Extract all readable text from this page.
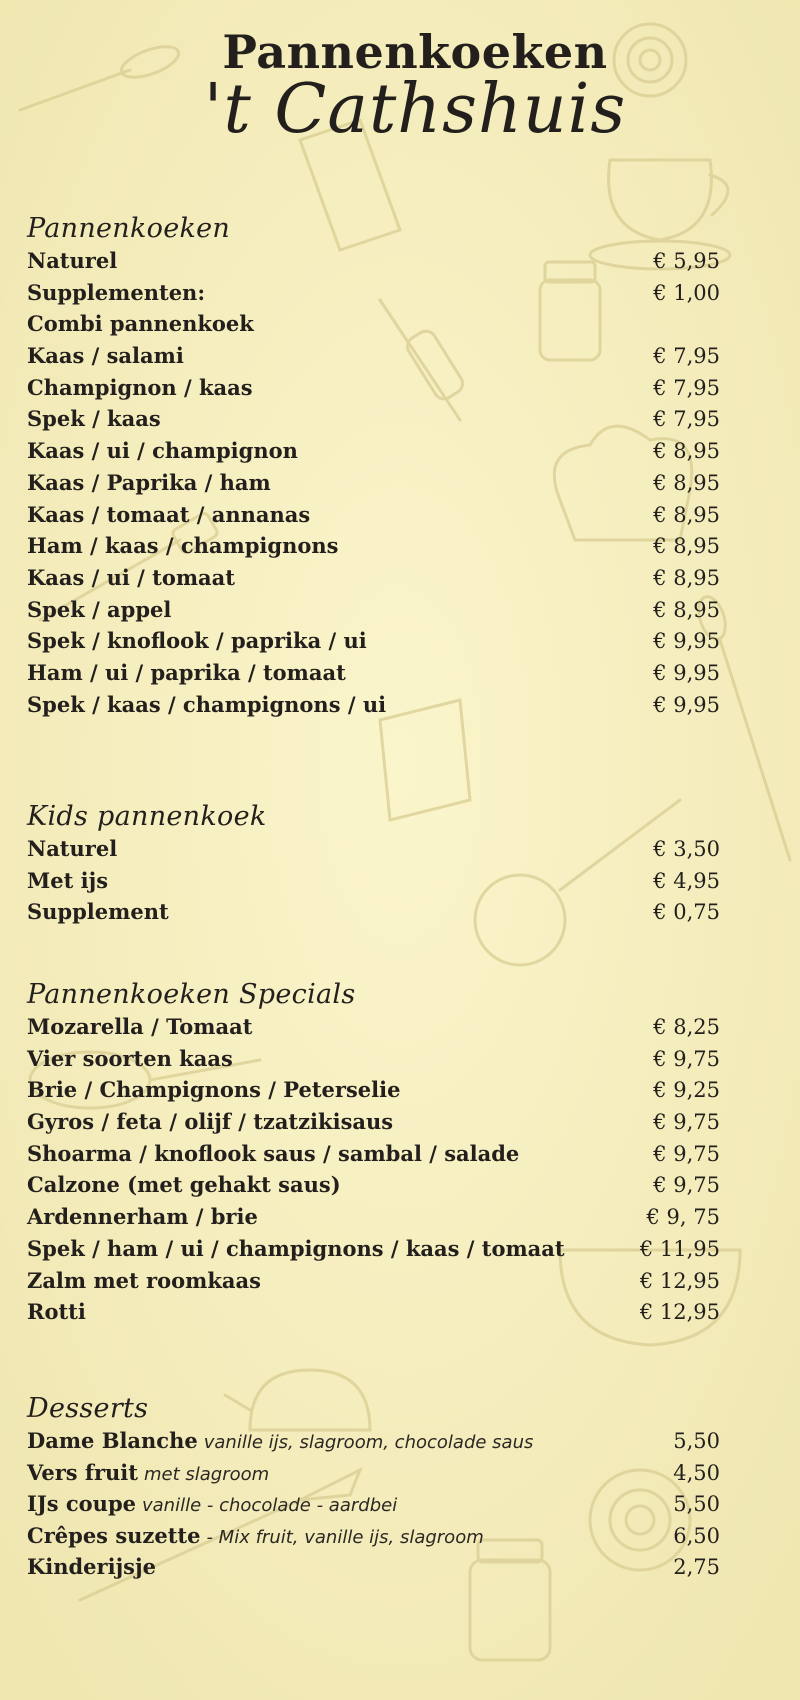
Pannenkoeken
't Cathshuis
Pannenkoeken
Naturel	€ 5,95
Supplementen:	€ 1,00
Combi pannenkoek
Kaas / salami	€ 7,95
Champignon / kaas	€ 7,95
Spek / kaas	€ 7,95
Kaas / ui / champignon	€ 8,95
Kaas / Paprika / ham	€ 8,95
Kaas / tomaat / annanas	€ 8,95
Ham / kaas / champignons	€ 8,95
Kaas / ui / tomaat	€ 8,95
Spek / appel	€ 8,95
Spek / knoflook / paprika / ui	€ 9,95
Ham / ui / paprika / tomaat	€ 9,95
Spek / kaas / champignons / ui	€ 9,95
Kids pannenkoek
Naturel	€ 3,50
Met ijs	€ 4,95
Supplement	€ 0,75
Pannenkoeken Specials
Mozarella / Tomaat	€ 8,25
Vier soorten kaas	€ 9,75
Brie / Champignons / Peterselie	€ 9,25
Gyros / feta / olijf / tzatzikisaus	€ 9,75
Shoarma / knoflook saus / sambal / salade	€ 9,75
Calzone (met gehakt saus)	€ 9,75
Ardennerham / brie	€ 9, 75
Spek / ham / ui / champignons / kaas / tomaat	€ 11,95
Zalm met roomkaas	€ 12,95
Rotti	€ 12,95
Desserts
Dame Blanche vanille ijs, slagroom, chocolade saus	5,50
Vers fruit met slagroom	4,50
IJs coupe vanille - chocolade - aardbei	5,50
Crêpes suzette - Mix fruit, vanille ijs, slagroom	6,50
Kinderijsje	2,75
